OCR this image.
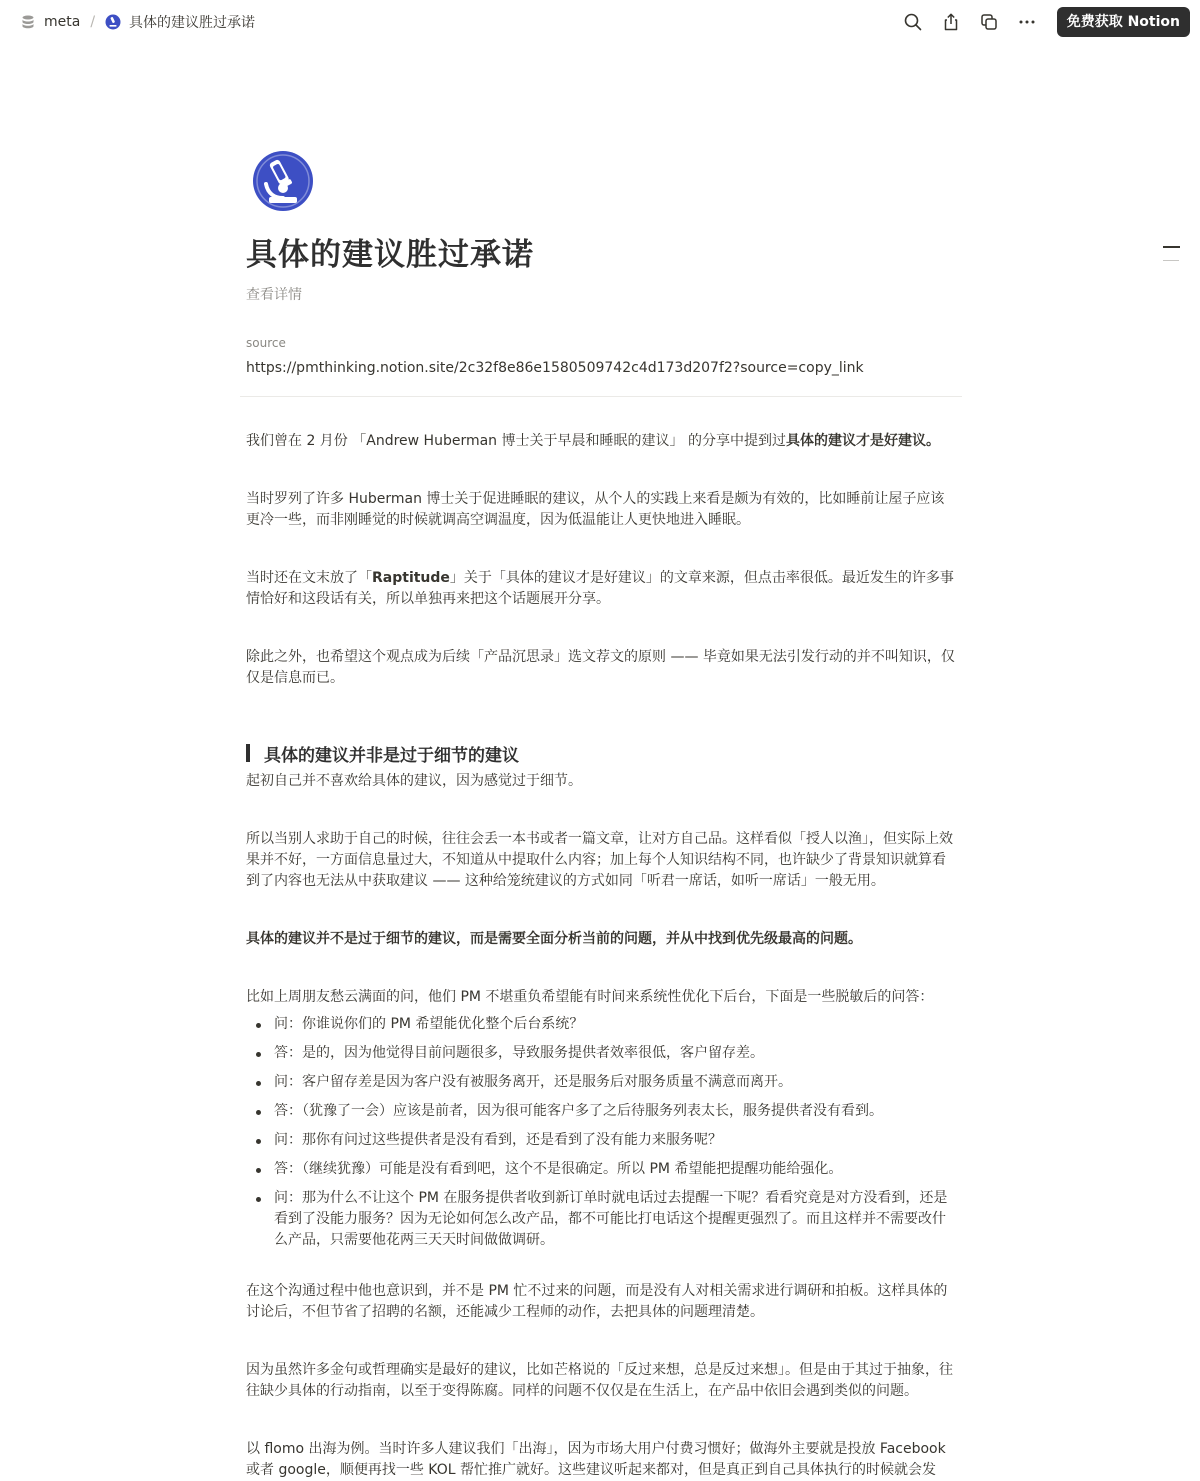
meta / 具体的建议胜过承诺	免费获取 Notion
具体的建议胜过承诺
查看详情
source
https://pmthinking.notion.site/2c32f8e86e1580509742c4d173d207f2?source=copy_link
我们曾在 2 月份 「Andrew Huberman 博士关于早晨和睡眠的建议」 的分享中提到过具体的建议才是好建议。
当时罗列了许多 Huberman 博士关于促进睡眠的建议，从个人的实践上来看是颇为有效的，比如睡前让屋子应该更冷一些，而非刚睡觉的时候就调高空调温度，因为低温能让人更快地进入睡眠。
当时还在文末放了「Raptitude」关于「具体的建议才是好建议」的文章来源，但点击率很低。最近发生的许多事情恰好和这段话有关，所以单独再来把这个话题展开分享。
除此之外，也希望这个观点成为后续「产品沉思录」选文荐文的原则 —— 毕竟如果无法引发行动的并不叫知识，仅仅是信息而已。
具体的建议并非是过于细节的建议
起初自己并不喜欢给具体的建议，因为感觉过于细节。
所以当别人求助于自己的时候，往往会丢一本书或者一篇文章，让对方自己品。这样看似「授人以渔」，但实际上效果并不好，一方面信息量过大，不知道从中提取什么内容；加上每个人知识结构不同，也许缺少了背景知识就算看到了内容也无法从中获取建议 —— 这种给笼统建议的方式如同「听君一席话，如听一席话」一般无用。
具体的建议并不是过于细节的建议，而是需要全面分析当前的问题，并从中找到优先级最高的问题。
比如上周朋友愁云满面的问，他们 PM 不堪重负希望能有时间来系统性优化下后台，下面是一些脱敏后的问答：
问：你谁说你们的 PM 希望能优化整个后台系统？
答：是的，因为他觉得目前问题很多，导致服务提供者效率很低，客户留存差。
问：客户留存差是因为客户没有被服务离开，还是服务后对服务质量不满意而离开。
答：（犹豫了一会）应该是前者，因为很可能客户多了之后待服务列表太长，服务提供者没有看到。
问：那你有问过这些提供者是没有看到，还是看到了没有能力来服务呢？
答：（继续犹豫）可能是没有看到吧，这个不是很确定。所以 PM 希望能把提醒功能给强化。
问：那为什么不让这个 PM 在服务提供者收到新订单时就电话过去提醒一下呢？看看究竟是对方没看到，还是看到了没能力服务？因为无论如何怎么改产品，都不可能比打电话这个提醒更强烈了。而且这样并不需要改什么产品，只需要他花两三天天时间做做调研。
在这个沟通过程中他也意识到，并不是 PM 忙不过来的问题，而是没有人对相关需求进行调研和拍板。这样具体的讨论后，不但节省了招聘的名额，还能减少工程师的动作，去把具体的问题理清楚。
因为虽然许多金句或哲理确实是最好的建议，比如芒格说的「反过来想，总是反过来想」。但是由于其过于抽象，往往缺少具体的行动指南，以至于变得陈腐。同样的问题不仅仅是在生活上，在产品中依旧会遇到类似的问题。
以 flomo 出海为例。当时许多人建议我们「出海」，因为市场大用户付费习惯好；做海外主要就是投放 Facebook 或者 google，顺便再找一些 KOL 帮忙推广就好。这些建议听起来都对，但是真正到自己具体执行的时候就会发
